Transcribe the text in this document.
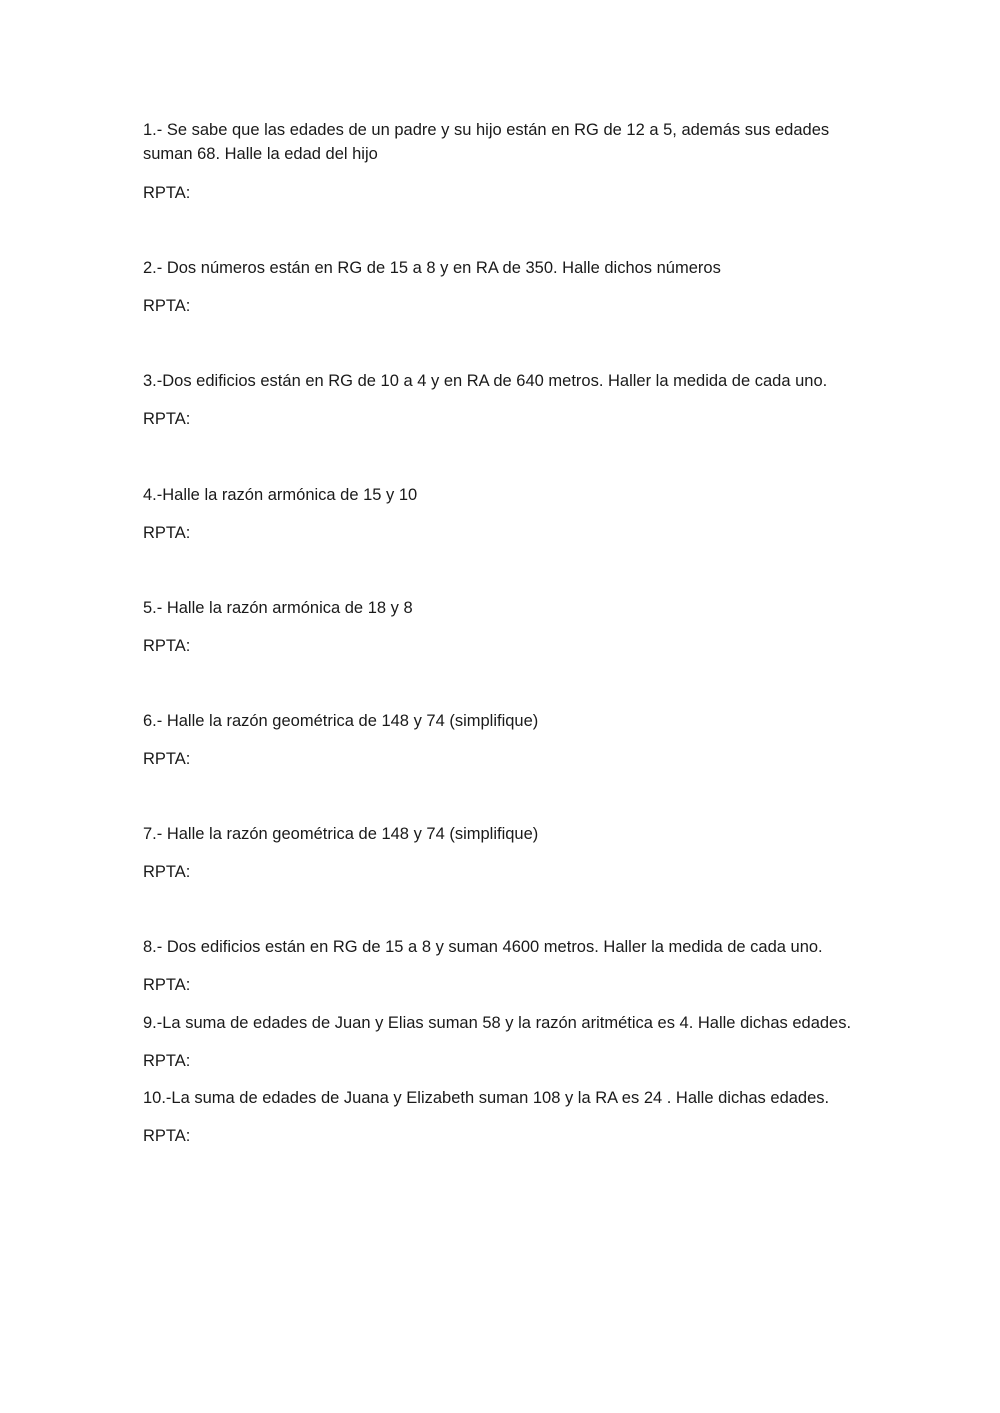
1.- Se sabe que las edades de un padre y su hijo están en RG de 12 a 5, además sus edades suman 68. Halle la edad del hijo

RPTA:

2.- Dos números están en RG de 15 a 8 y en RA de 350. Halle dichos números

RPTA:

3.-Dos edificios están en RG de 10 a 4 y en RA de 640 metros. Haller la medida de cada uno.

RPTA:

4.-Halle la razón armónica de 15 y 10

RPTA:

5.- Halle la razón armónica de 18 y 8

RPTA:

6.- Halle la razón geométrica de 148 y 74 (simplifique)

RPTA:

7.- Halle la razón geométrica de 148 y 74 (simplifique)

RPTA:

8.- Dos edificios están en RG de 15 a 8 y suman 4600 metros. Haller la medida de cada uno.

RPTA:

9.-La suma de edades de Juan y Elias suman 58 y la razón aritmética es 4. Halle dichas edades.

RPTA:

10.-La suma de edades de Juana y Elizabeth suman 108 y la RA es 24 . Halle dichas edades.

RPTA:
